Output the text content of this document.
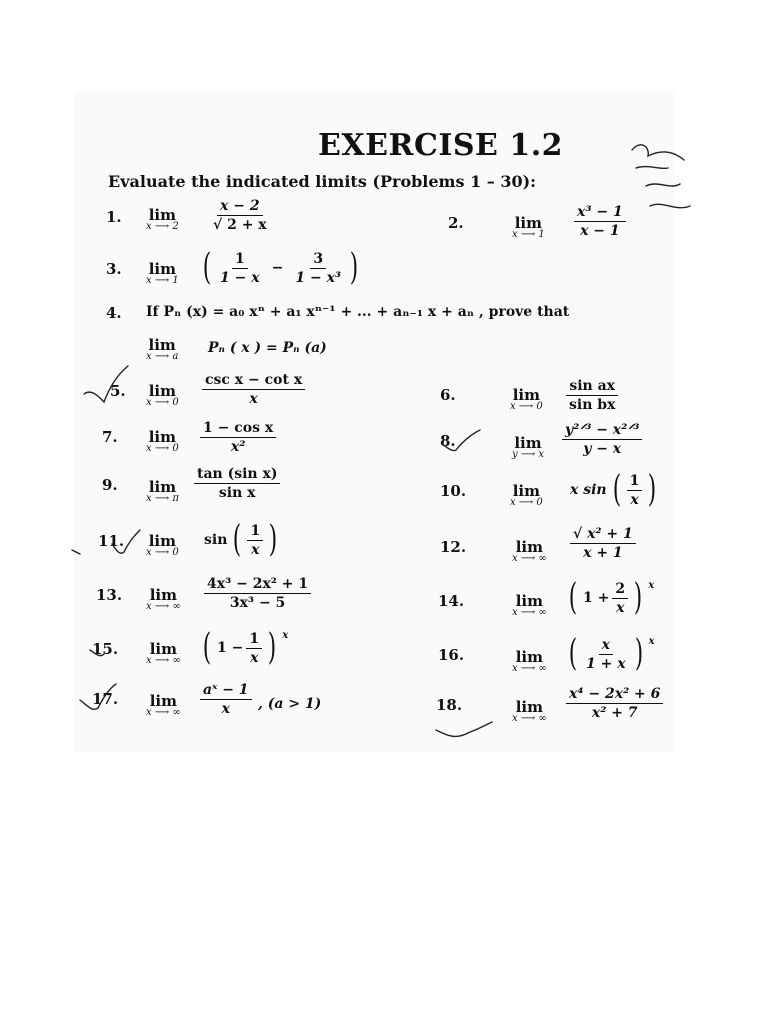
EXERCISE 1.2
Evaluate the indicated limits (Problems 1 – 30):
1. lim
x ⟶ $2 \frac{x - 2}{√ 2 + x}$	2.	lim
x ⟶ $1 \frac{\text{x³ − 1}}{x - 1}$
3. lim
x ⟶ 1 ( $\frac{1}{1 - x} - \frac{3}{\text{1 − x³}}$ )
4. If Pₙ (x) = a₀ xⁿ + a₁ xⁿ⁻¹ + ... + aₙ₋₁ x + aₙ , prove that
lim
x ⟶ a
Pₙ ( x ) = Pₙ (a)
5. lim
x ⟶ 0
csc x − cot x
x	6.	lim
x ⟶ $0 \frac{\text{sin ax}}{\text{sin bx}}$
7. lim
x ⟶ $0 \frac{\text{1 − cos x}}{\text{x²}}$	8.	lim
y ⟶ x
y²ᐟ³ − x²ᐟ³
y − x
9. lim
x ⟶ π $\frac{\text{tan (sin x)}}{\text{sin x}}$	10.	lim
x ⟶ 0
x sin ( $\frac{1}{x}$ )
11. lim
x ⟶ 0
sin ( $\frac{1}{x}$ )	12.	lim
x ⟶ ∞ $\frac{\text{√ x² + 1}}{x + 1}$
13. lim
x ⟶ ∞ $\frac{\text{4x³ − 2x² + 1}}{\text{3x³ − 5}}$	14.	lim
x ⟶ ∞ ( $1 + \frac{2}{x}$ ) $^x$
15. lim
x ⟶ ∞ ( $1 - \frac{1}{x}$ ) $^x$
16.	lim
x ⟶ ∞ ( $\frac{x}{1 + x}$ ) $^x$
17. lim
x ⟶ ∞ $\frac{\text{aˣ − 1}}{x}$ , (a > 1)	18.	lim
x ⟶ ∞ $\frac{\text{x⁴ − 2x² + 6}}{\text{x² + 7}}$
